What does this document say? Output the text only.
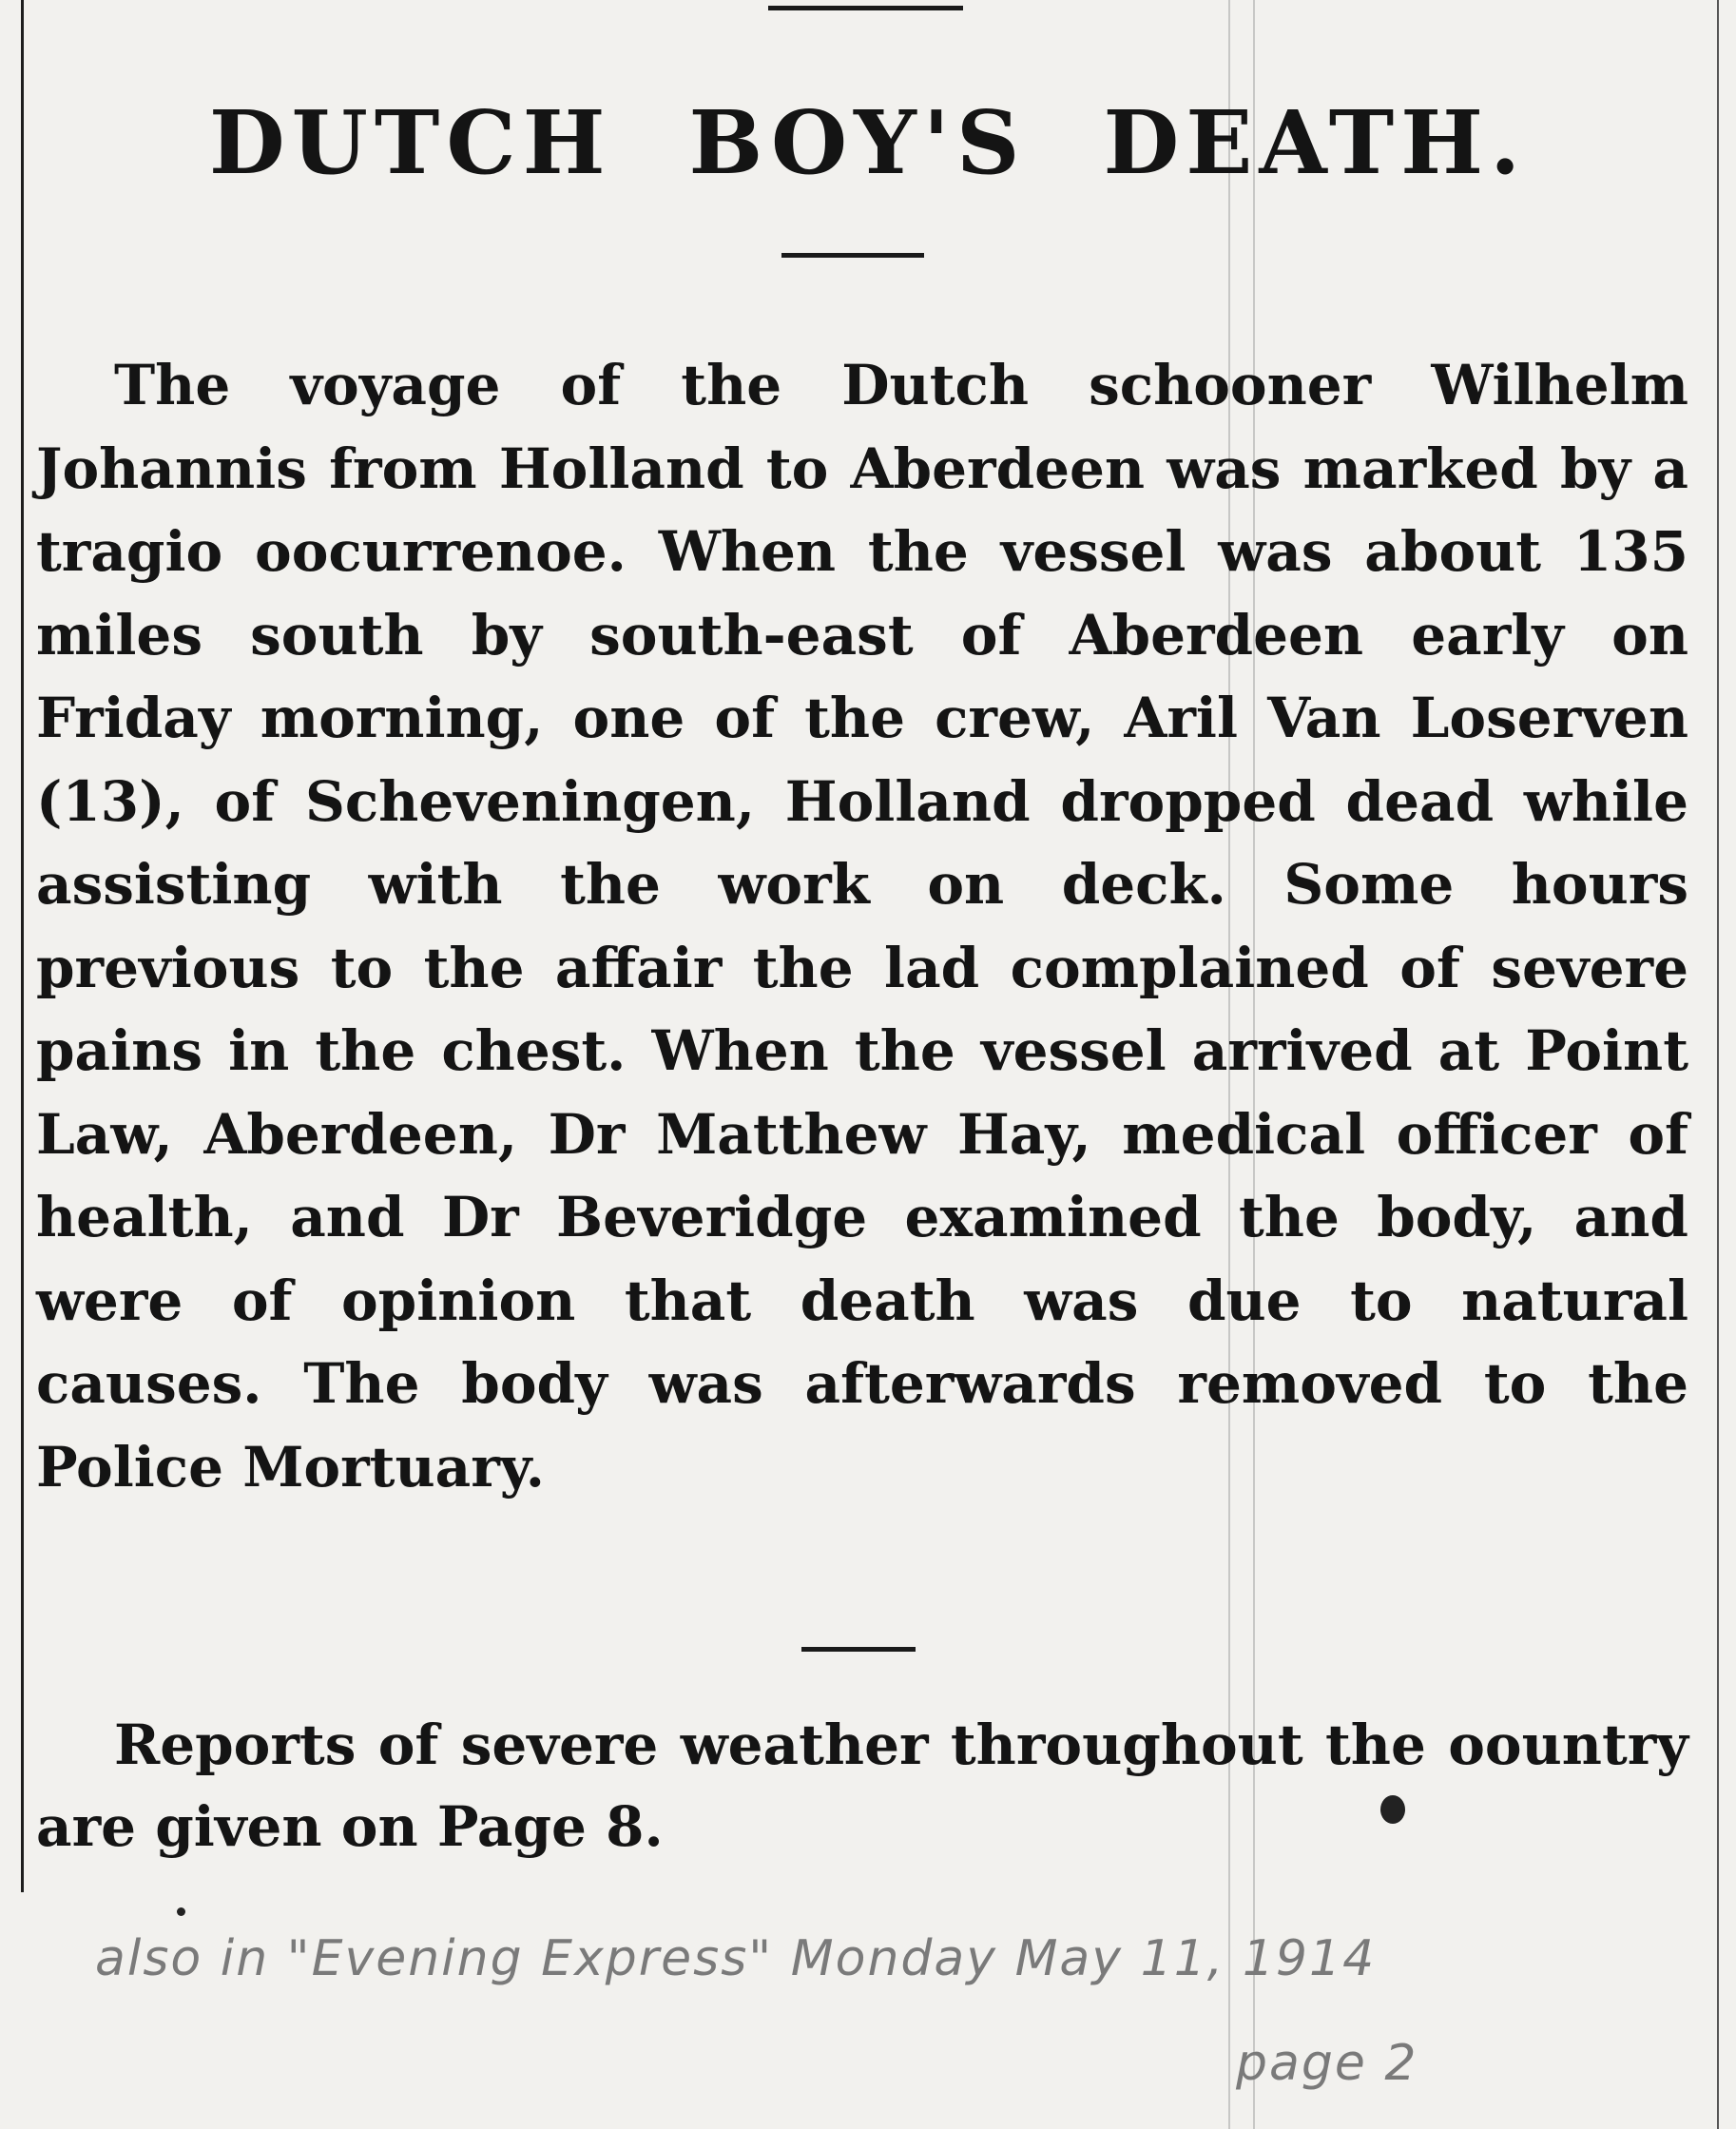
DUTCH BOY'S DEATH.

The voyage of the Dutch schooner Wilhelm Johannis from Holland to Aberdeen was marked by a tragio oocurrenoe. When the vessel was about 135 miles south by south-east of Aberdeen early on Friday morning, one of the crew, Aril Van Loserven (13), of Scheveningen, Holland dropped dead while assisting with the work on deck. Some hours previous to the affair the lad complained of severe pains in the chest. When the vessel arrived at Point Law, Aberdeen, Dr Matthew Hay, medical officer of health, and Dr Beveridge examined the body, and were of opinion that death was due to natural causes. The body was afterwards removed to the Police Mortuary.

Reports of severe weather throughout the oountry are given on Page 8.

also in "Evening Express" Monday May 11, 1914

page 2
